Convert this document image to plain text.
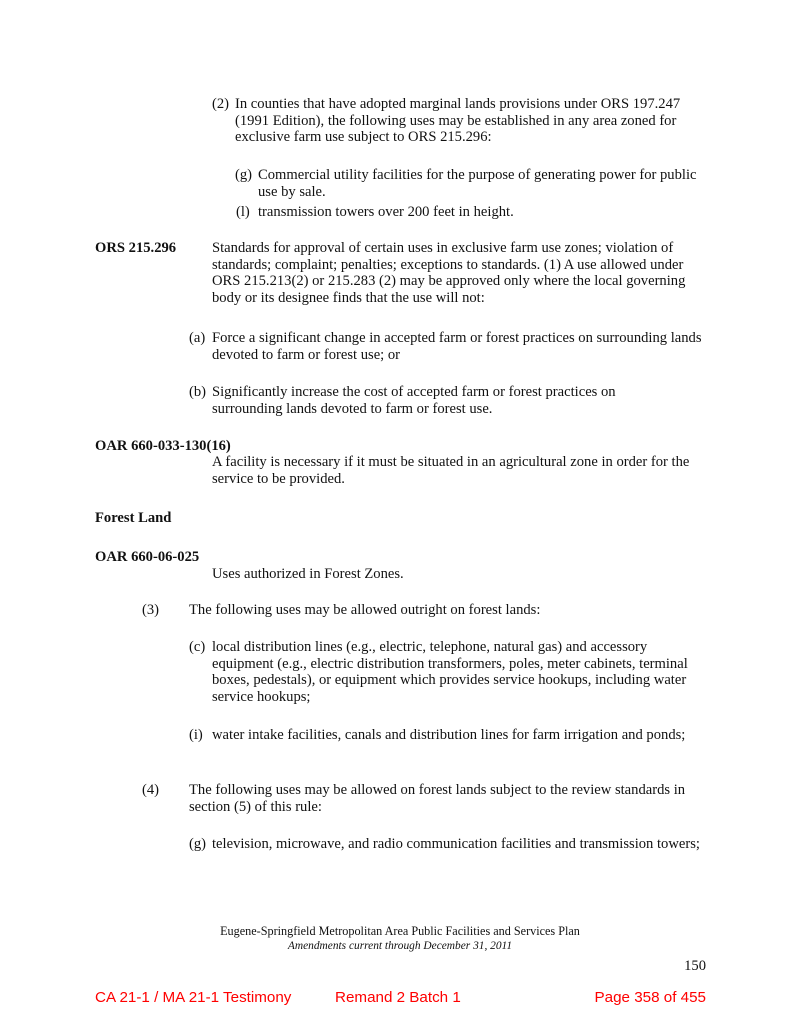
(2) In counties that have adopted marginal lands provisions under ORS 197.247 (1991 Edition), the following uses may be established in any area zoned for exclusive farm use subject to ORS 215.296:
(g) Commercial utility facilities for the purpose of generating power for public use by sale.
(l) transmission towers over 200 feet in height.
ORS 215.296 Standards for approval of certain uses in exclusive farm use zones; violation of standards; complaint; penalties; exceptions to standards. (1) A use allowed under ORS 215.213(2) or 215.283 (2) may be approved only where the local governing body or its designee finds that the use will not:
(a) Force a significant change in accepted farm or forest practices on surrounding lands devoted to farm or forest use; or
(b) Significantly increase the cost of accepted farm or forest practices on surrounding lands devoted to farm or forest use.
OAR 660-033-130(16)
A facility is necessary if it must be situated in an agricultural zone in order for the service to be provided.
Forest Land
OAR 660-06-025
Uses authorized in Forest Zones.
(3) The following uses may be allowed outright on forest lands:
(c) local distribution lines (e.g., electric, telephone, natural gas) and accessory equipment (e.g., electric distribution transformers, poles, meter cabinets, terminal boxes, pedestals), or equipment which provides service hookups, including water service hookups;
(i) water intake facilities, canals and distribution lines for farm irrigation and ponds;
(4) The following uses may be allowed on forest lands subject to the review standards in section (5) of this rule:
(g) television, microwave, and radio communication facilities and transmission towers;
Eugene-Springfield Metropolitan Area Public Facilities and Services Plan
Amendments current through December 31, 2011
150
CA 21-1 / MA 21-1 Testimony	Remand 2 Batch 1	Page 358 of 455
